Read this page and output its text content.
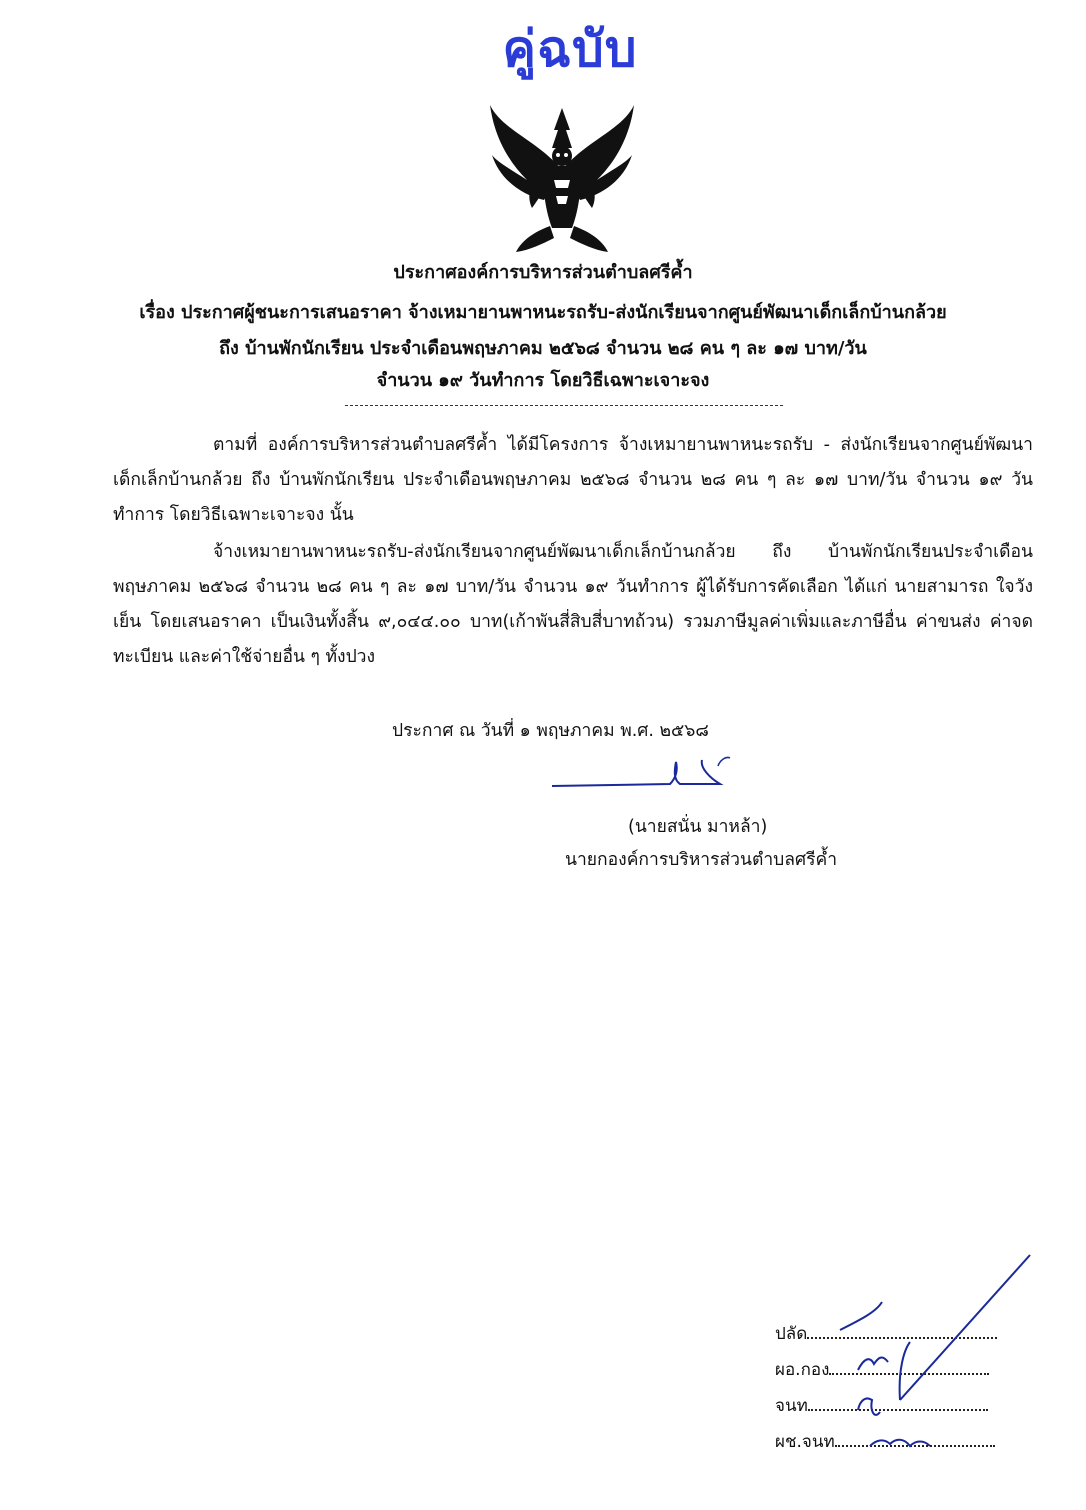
คู่ฉบับ
ประกาศองค์การบริหารส่วนตำบลศรีค้ำ
เรื่อง ประกาศผู้ชนะการเสนอราคา จ้างเหมายานพาหนะรถรับ-ส่งนักเรียนจากศูนย์พัฒนาเด็กเล็กบ้านกล้วย
ถึง บ้านพักนักเรียน ประจำเดือนพฤษภาคม ๒๕๖๘ จำนวน ๒๘ คน ๆ ละ ๑๗ บาท/วัน
จำนวน ๑๙ วันทำการ โดยวิธีเฉพาะเจาะจง
ตามที่ องค์การบริหารส่วนตำบลศรีค้ำ ได้มีโครงการ จ้างเหมายานพาหนะรถรับ - ส่งนักเรียนจากศูนย์พัฒนาเด็กเล็กบ้านกล้วย ถึง บ้านพักนักเรียน ประจำเดือนพฤษภาคม ๒๕๖๘ จำนวน ๒๘ คน ๆ ละ ๑๗ บาท/วัน จำนวน ๑๙ วันทำการ โดยวิธีเฉพาะเจาะจง นั้น
จ้างเหมายานพาหนะรถรับ-ส่งนักเรียนจากศูนย์พัฒนาเด็กเล็กบ้านกล้วย ถึง บ้านพักนักเรียนประจำเดือนพฤษภาคม ๒๕๖๘ จำนวน ๒๘ คน ๆ ละ ๑๗ บาท/วัน จำนวน ๑๙ วันทำการ ผู้ได้รับการคัดเลือก ได้แก่ นายสามารถ ใจวังเย็น โดยเสนอราคา เป็นเงินทั้งสิ้น ๙,๐๔๔.๐๐ บาท(เก้าพันสี่สิบสี่บาทถ้วน) รวมภาษีมูลค่าเพิ่มและภาษีอื่น ค่าขนส่ง ค่าจดทะเบียน และค่าใช้จ่ายอื่น ๆ ทั้งปวง
ประกาศ ณ วันที่ ๑ พฤษภาคม พ.ศ. ๒๕๖๘
(นายสนั่น มาหล้า)
นายกองค์การบริหารส่วนตำบลศรีค้ำ
ปลัด
ผอ.กอง
จนท
ผช.จนท
